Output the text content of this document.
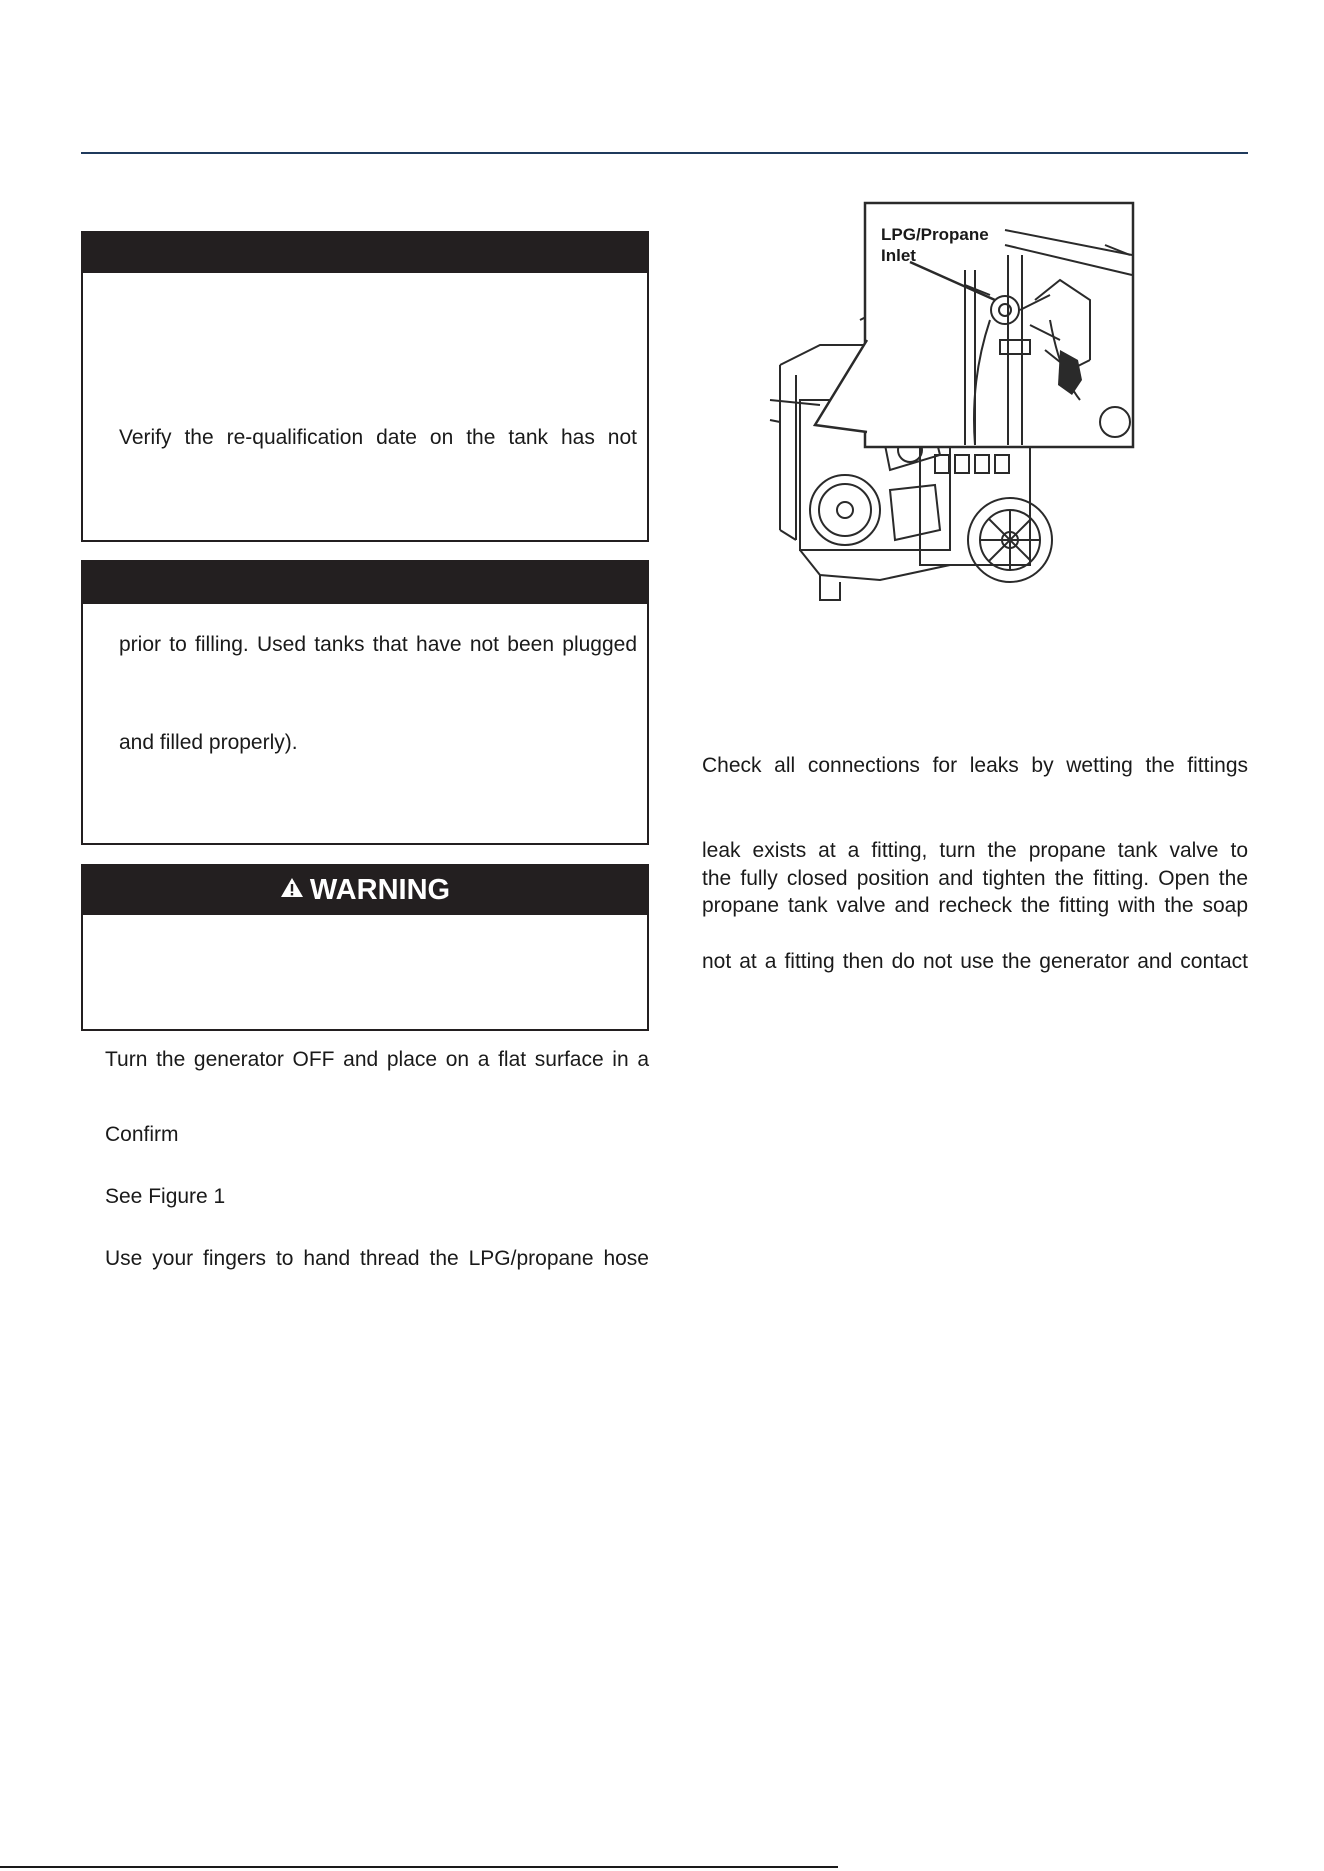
Verify the re-qualification date on the tank has not
prior to filling. Used tanks that have not been plugged
and filled properly).
WARNING
Turn the generator OFF and place on a flat surface in a
Confirm
See Figure 1
Use your fingers to hand thread the LPG/propane hose
LPG/Propane
Inlet
Check all connections for leaks by wetting the fittings
leak exists at a fitting, turn the propane tank valve to
the fully closed position and tighten the fitting. Open the
propane tank valve and recheck the fitting with the soap
not at a fitting then do not use the generator and contact
